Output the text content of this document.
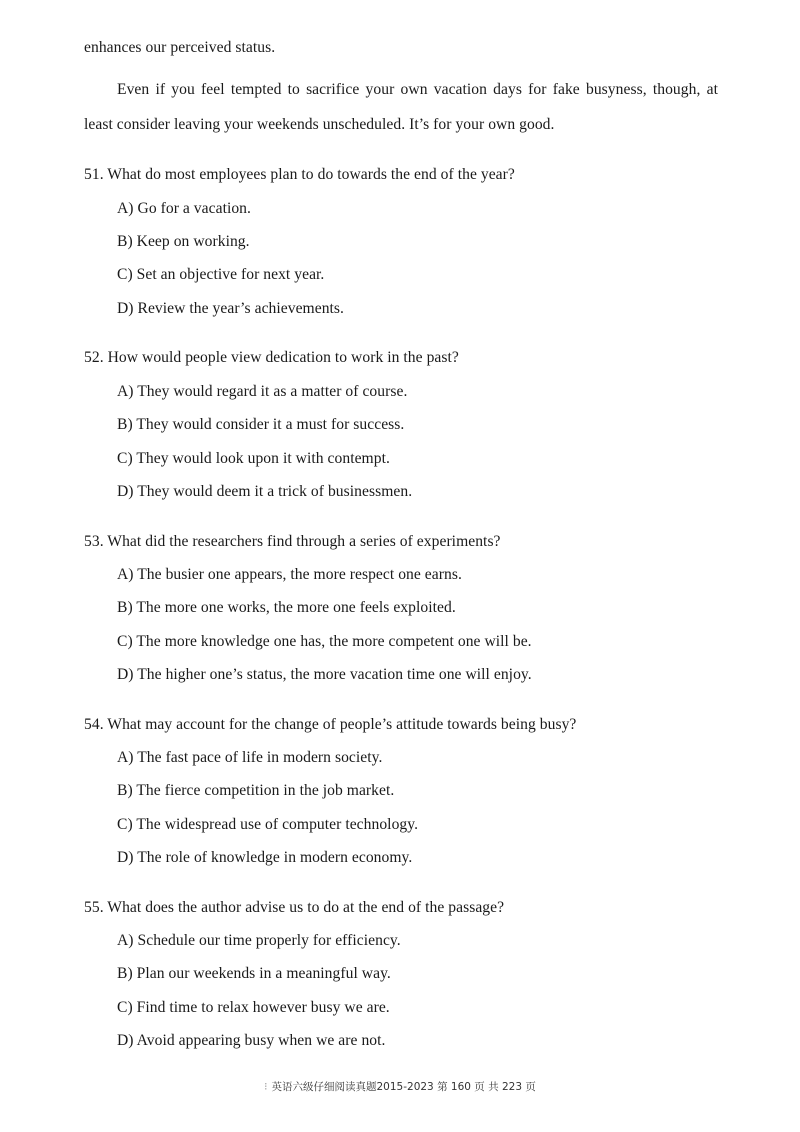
enhances our perceived status.
Even if you feel tempted to sacrifice your own vacation days for fake busyness, though, at
least consider leaving your weekends unscheduled. It’s for your own good.
51. What do most employees plan to do towards the end of the year?
A) Go for a vacation.
B) Keep on working.
C) Set an objective for next year.
D) Review the year’s achievements.
52. How would people view dedication to work in the past?
A) They would regard it as a matter of course.
B) They would consider it a must for success.
C) They would look upon it with contempt.
D) They would deem it a trick of businessmen.
53. What did the researchers find through a series of experiments?
A) The busier one appears, the more respect one earns.
B) The more one works, the more one feels exploited.
C) The more knowledge one has, the more competent one will be.
D) The higher one’s status, the more vacation time one will enjoy.
54. What may account for the change of people’s attitude towards being busy?
A) The fast pace of life in modern society.
B) The fierce competition in the job market.
C) The widespread use of computer technology.
D) The role of knowledge in modern economy.
55. What does the author advise us to do at the end of the passage?
A) Schedule our time properly for efficiency.
B) Plan our weekends in a meaningful way.
C) Find time to relax however busy we are.
D) Avoid appearing busy when we are not.
⁝ 英语六级仔细阅读真题2015-2023 第 160 页 共 223 页
